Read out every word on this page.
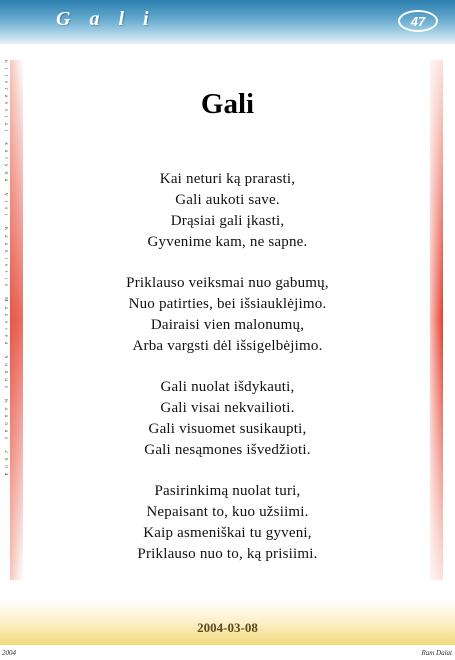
G a l i	47
Eilėraščiai kūryba Visi Kaunietis Mažeiva Sūnus Kaunas 2004	Gali
Kai neturi ką prarasti,
Gali aukoti save.
Drąsiai gali įkasti,
Gyvenime kam, ne sapne.
Priklauso veiksmai nuo gabumų,
Nuo patirties, bei išsiauklėjimo.
Dairaisi vien malonumų,
Arba vargsti dėl išsigelbėjimo.
Gali nuolat išdykauti,
Gali visai nekvailioti.
Gali visuomet susikaupti,
Gali nesąmones išvedžioti.
Pasirinkimą nuolat turi,
Nepaisant to, kuo užsiimi.
Kaip asmeniškai tu gyveni,
Priklauso nuo to, ką prisiimi.
2004-03-08
2004	Ram Dalat
